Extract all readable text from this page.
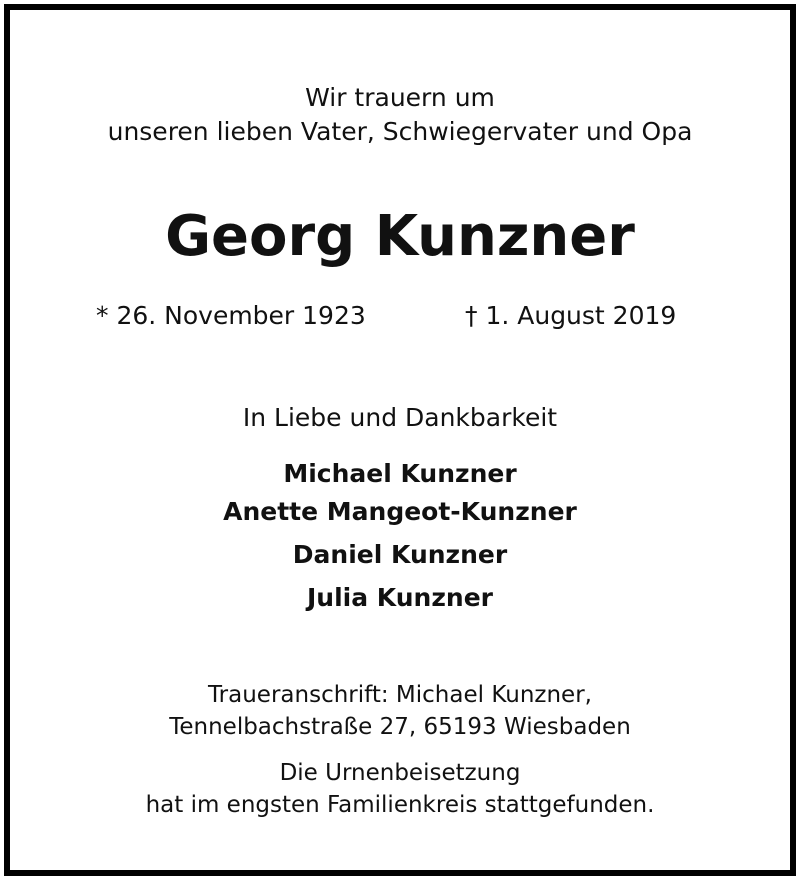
Wir trauern um
unseren lieben Vater, Schwiegervater und Opa
Georg Kunzner
* 26. November 1923	† 1. August 2019
In Liebe und Dankbarkeit
Michael Kunzner
Anette Mangeot-Kunzner
Daniel Kunzner
Julia Kunzner
Traueranschrift: Michael Kunzner,
Tennelbachstraße 27, 65193 Wiesbaden
Die Urnenbeisetzung
hat im engsten Familienkreis stattgefunden.
